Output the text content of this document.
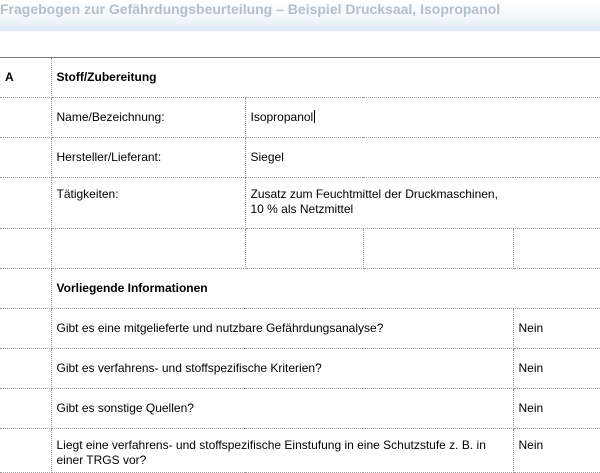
Fragebogen zur Gefährdungsbeurteilung – Beispiel Drucksaal, Isopropanol
A	Stoff/Zubereitung			
	Name/Bezeichnung:	Isopropanol		
	Hersteller/Lieferant:	Siegel		
	Tätigkeiten:	Zusatz zum Feuchtmittel der Druckmaschinen,
10 % als Netzmittel		

	Vorliegende Informationen			
	Gibt es eine mitgelieferte und nutzbare Gefährdungsanalyse?			Nein
	Gibt es verfahrens- und stoffspezifische Kriterien?			Nein
	Gibt es sonstige Quellen?			Nein
	Liegt eine verfahrens- und stoffspezifische Einstufung in eine Schutzstufe z. B. in einer TRGS vor?			Nein
